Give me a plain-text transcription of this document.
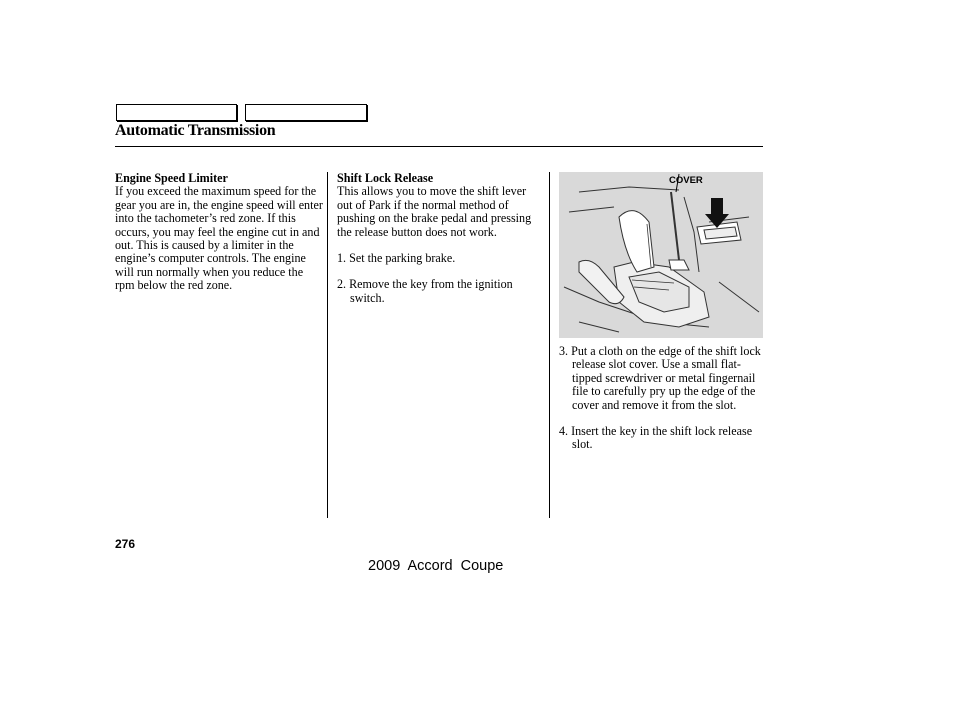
Automatic Transmission

Engine Speed Limiter

If you exceed the maximum speed for the gear you are in, the engine speed will enter into the tachometer’s red zone. If this occurs, you may feel the engine cut in and out. This is caused by a limiter in the engine’s computer controls. The engine will run normally when you reduce the rpm below the red zone.

Shift Lock Release

This allows you to move the shift lever out of Park if the normal method of pushing on the brake pedal and pressing the release button does not work.

1. Set the parking brake.

2. Remove the key from the ignition switch.

COVER

3. Put a cloth on the edge of the shift lock release slot cover. Use a small flat-tipped screwdriver or metal fingernail file to carefully pry up the edge of the cover and remove it from the slot.

4. Insert the key in the shift lock release slot.

276
2009 Accord Coupe
